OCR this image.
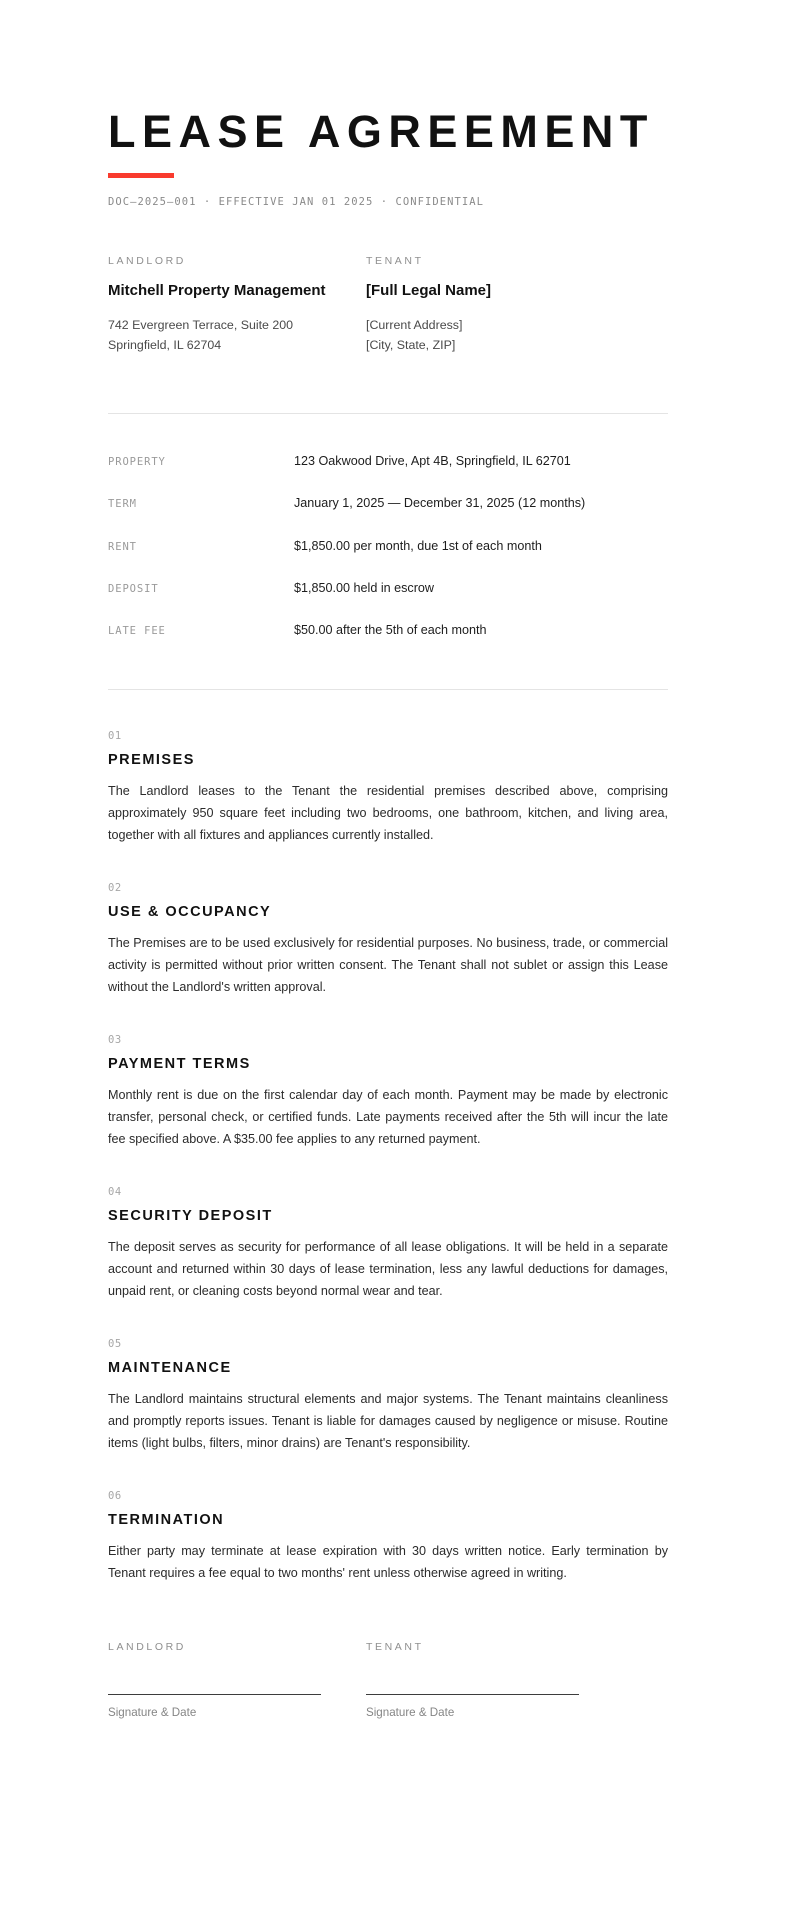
LEASE AGREEMENT

DOC—2025—001 · EFFECTIVE JAN 01 2025 · CONFIDENTIAL

LANDLORD

Mitchell Property Management

742 Evergreen Terrace, Suite 200

Springfield, IL 62704

TENANT

[Full Legal Name]

[Current Address]

[City, State, ZIP]

PROPERTY	123 Oakwood Drive, Apt 4B, Springfield, IL 62701
TERM	January 1, 2025 — December 31, 2025 (12 months)
RENT	$1,850.00 per month, due 1st of each month
DEPOSIT	$1,850.00 held in escrow
LATE FEE	$50.00 after the 5th of each month

01

PREMISES

The Landlord leases to the Tenant the residential premises described above, comprising approximately 950 square feet including two bedrooms, one bathroom, kitchen, and living area, together with all fixtures and appliances currently installed.

02

USE & OCCUPANCY

The Premises are to be used exclusively for residential purposes. No business, trade, or commercial activity is permitted without prior written consent. The Tenant shall not sublet or assign this Lease without the Landlord's written approval.

03

PAYMENT TERMS

Monthly rent is due on the first calendar day of each month. Payment may be made by electronic transfer, personal check, or certified funds. Late payments received after the 5th will incur the late fee specified above. A $35.00 fee applies to any returned payment.

04

SECURITY DEPOSIT

The deposit serves as security for performance of all lease obligations. It will be held in a separate account and returned within 30 days of lease termination, less any lawful deductions for damages, unpaid rent, or cleaning costs beyond normal wear and tear.

05

MAINTENANCE

The Landlord maintains structural elements and major systems. The Tenant maintains cleanliness and promptly reports issues. Tenant is liable for damages caused by negligence or misuse. Routine items (light bulbs, filters, minor drains) are Tenant's responsibility.

06

TERMINATION

Either party may terminate at lease expiration with 30 days written notice. Early termination by Tenant requires a fee equal to two months' rent unless otherwise agreed in writing.

LANDLORD

Signature & Date

TENANT

Signature & Date
